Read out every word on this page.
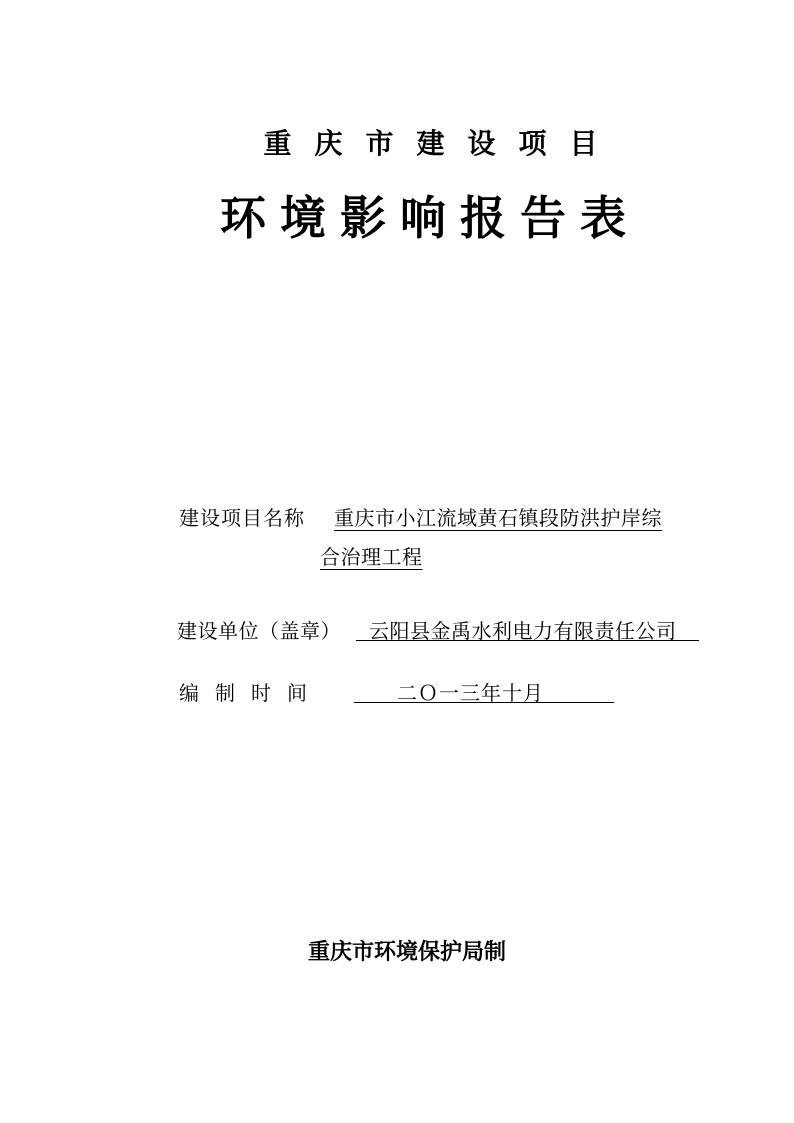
重庆市建设项目
环境影响报告表
建设项目名称 重庆市小江流域黄石镇段防洪护岸综
合治理工程
建设单位（盖章） 云阳县金禹水利电力有限责任公司
编制时间	二Ｏ一三年十月
重庆市环境保护局制
